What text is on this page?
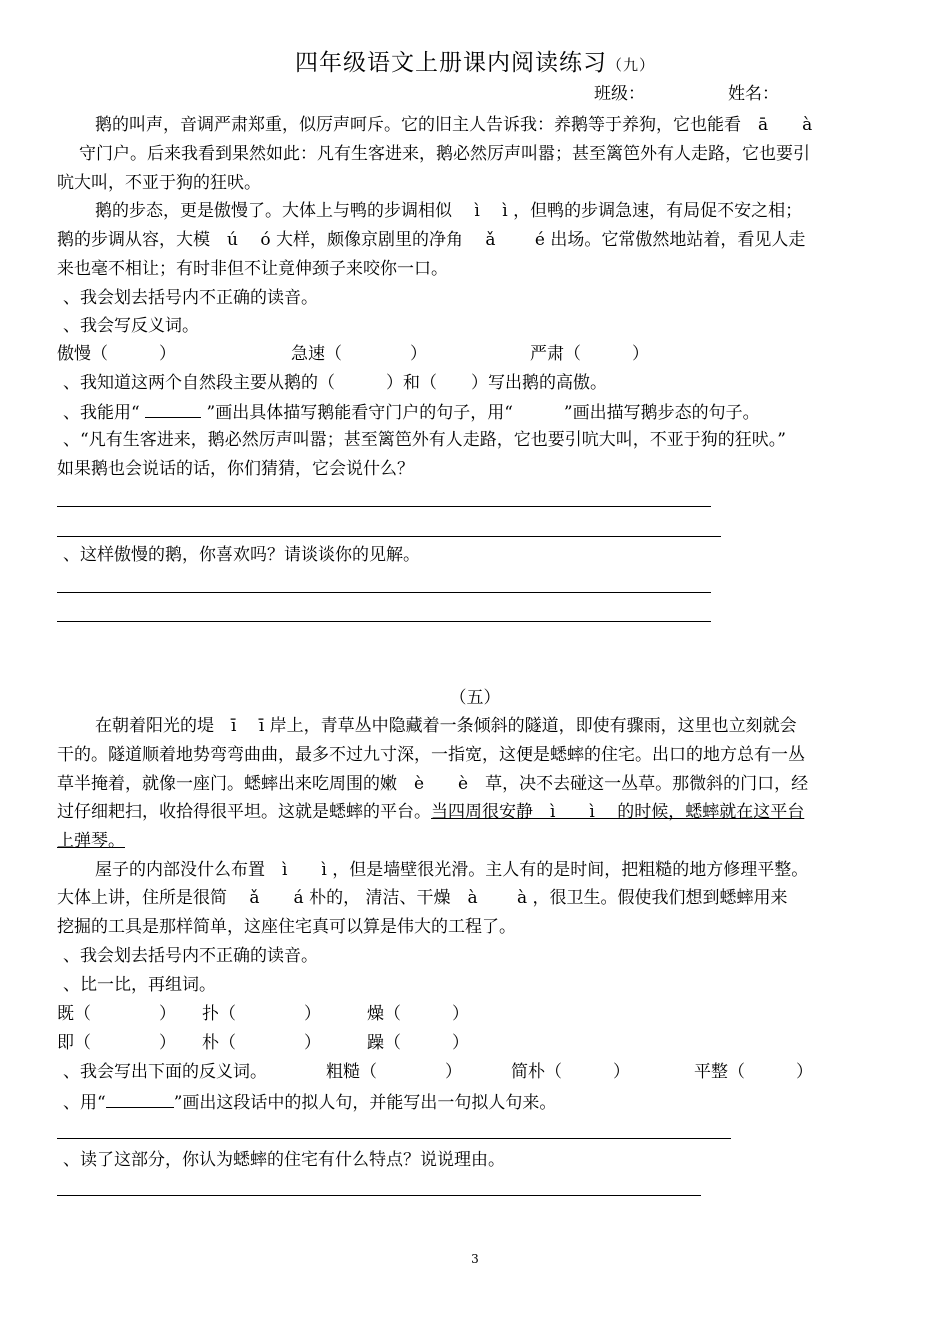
四年级语文上册课内阅读练习（九）
班级：	姓名：
鹅的叫声，音调严肃郑重，似厉声呵斥。它的旧主人告诉我：养鹅等于养狗，它也能看　ā　　à
守门户。后来我看到果然如此：凡有生客进来，鹅必然厉声叫嚣；甚至篱笆外有人走路，它也要引
吭大叫，不亚于狗的狂吠。
鹅的步态，更是傲慢了。大体上与鸭的步调相似　 ì　 ì ，但鸭的步调急速，有局促不安之相；
鹅的步调从容，大模　ú　 ó 大样，颇像京剧里的净角　 ǎ　　 é 出场。它常傲然地站着，看见人走
来也毫不相让；有时非但不让竟伸颈子来咬你一口。
、我会划去括号内不正确的读音。
、我会写反义词。
傲慢（　　　）	急速（　　　　）	严肃（　　　）
、我知道这两个自然段主要从鹅的（　　　）和（　　）写出鹅的高傲。
、我能用“	”画出具体描写鹅能看守门户的句子，用“　　　”画出描写鹅步态的句子。
、“凡有生客进来，鹅必然厉声叫嚣；甚至篱笆外有人走路，它也要引吭大叫，不亚于狗的狂吠。”
如果鹅也会说话的话，你们猜猜，它会说什么？
、这样傲慢的鹅，你喜欢吗？请谈谈你的见解。
（五）
在朝着阳光的堤　ī　 ī 岸上，青草丛中隐藏着一条倾斜的隧道，即使有骤雨，这里也立刻就会
干的。隧道顺着地势弯弯曲曲，最多不过九寸深，一指宽，这便是蟋蟀的住宅。出口的地方总有一丛
草半掩着，就像一座门。蟋蟀出来吃周围的嫩　è　　è　草，决不去碰这一丛草。那微斜的门口，经
过仔细耙扫，收拾得很平坦。这就是蟋蟀的平台。当四周很安静　ì　　ì　 的时候，蟋蟀就在这平台
上弹琴。
屋子的内部没什么布置　ì　　ì ，但是墙壁很光滑。主人有的是时间，把粗糙的地方修理平整。
大体上讲，住所是很简　 ǎ　　á 朴的， 清洁、干燥　à　　 à ，很卫生。假使我们想到蟋蟀用来
挖掘的工具是那样简单，这座住宅真可以算是伟大的工程了。
、我会划去括号内不正确的读音。
、比一比，再组词。
既（　　　　） 扑（　　　　）	燥（　　　）
即（　　　　） 朴（　　　　）	躁（　　　）
、我会写出下面的反义词。	粗糙（　　　　）	简朴（　　　）	平整（　　　）
、用“	”画出这段话中的拟人句，并能写出一句拟人句来。
、读了这部分，你认为蟋蟀的住宅有什么特点？说说理由。
3
